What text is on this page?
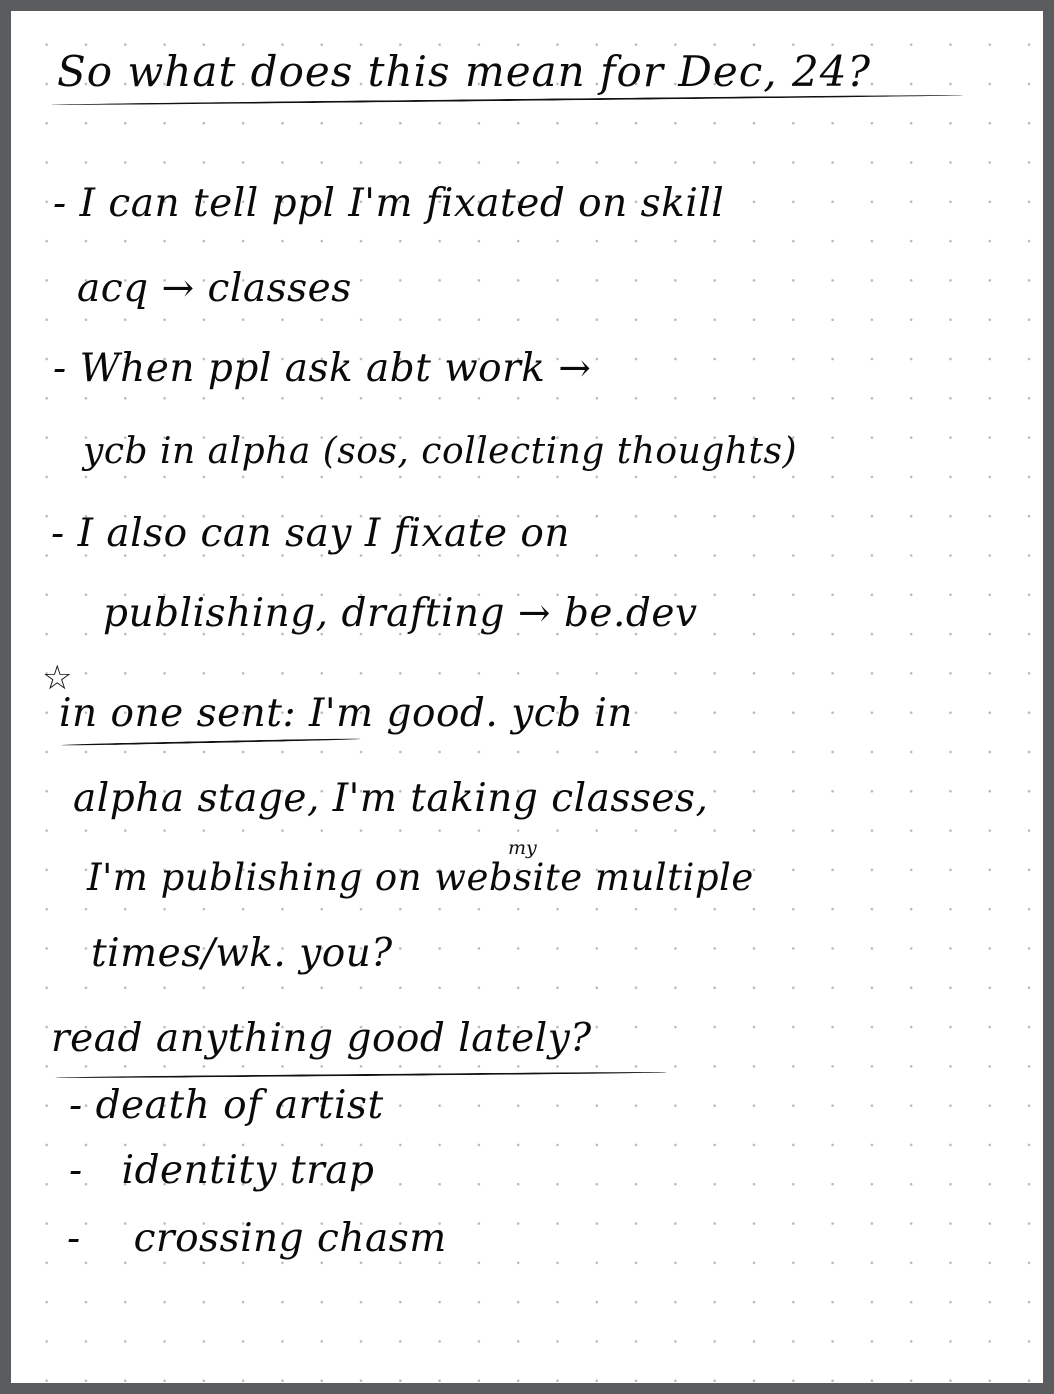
So what does this mean for Dec, 24?
- I can tell ppl I'm fixated on skill
acq → classes
- When ppl ask abt work →
ycb in alpha (sos, collecting thoughts)
- I also can say I fixate on
publishing, drafting → be.dev
☆
in one sent: I'm good. ycb in
alpha stage, I'm taking classes,
my
I'm publishing on website multiple
times/wk. you?
read anything good lately?
- death of artist
- identity trap
- crossing chasm
